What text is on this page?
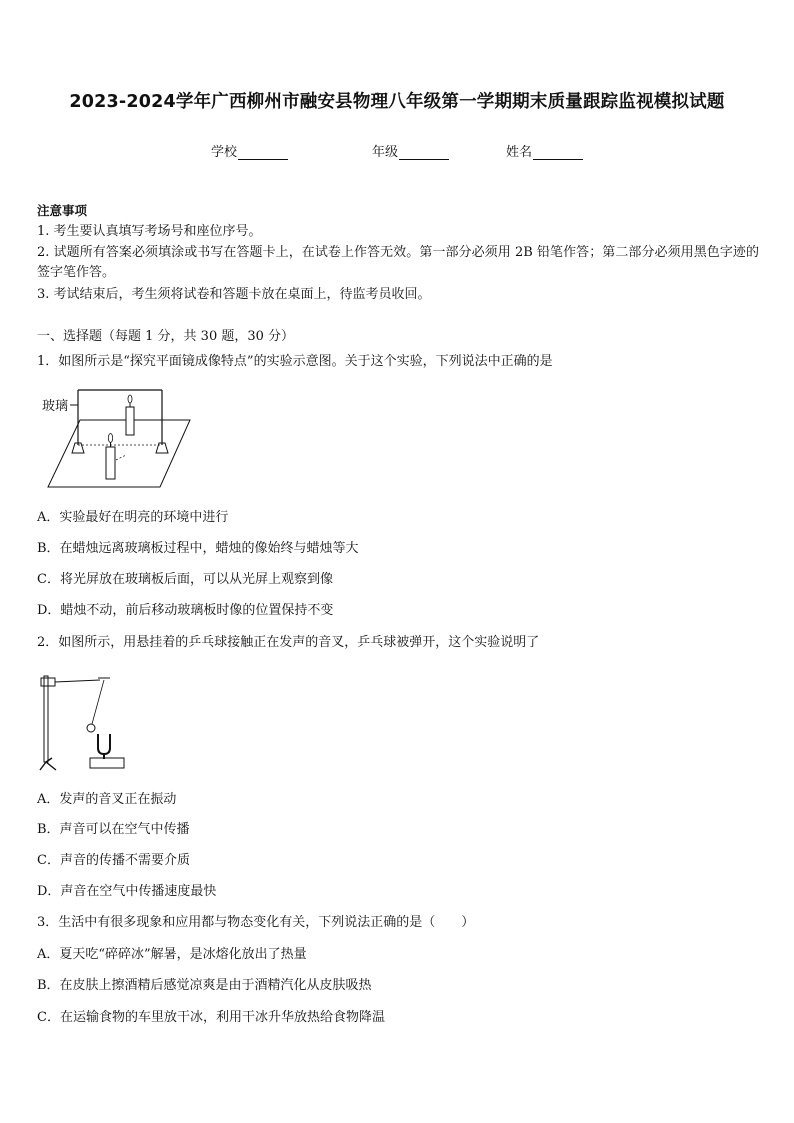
2023-2024学年广西柳州市融安县物理八年级第一学期期末质量跟踪监视模拟试题
学校	年级	姓名
注意事项
1. 考生要认真填写考场号和座位序号。
2. 试题所有答案必须填涂或书写在答题卡上，在试卷上作答无效。第一部分必须用 2B 铅笔作答；第二部分必须用黑色字迹的签字笔作答。
3. 考试结束后，考生须将试卷和答题卡放在桌面上，待监考员收回。
一、选择题（每题 1 分，共 30 题，30 分）
1．如图所示是“探究平面镜成像特点”的实验示意图。关于这个实验，下列说法中正确的是
玻璃
A．实验最好在明亮的环境中进行
B．在蜡烛远离玻璃板过程中，蜡烛的像始终与蜡烛等大
C．将光屏放在玻璃板后面，可以从光屏上观察到像
D．蜡烛不动，前后移动玻璃板时像的位置保持不变
2．如图所示，用悬挂着的乒乓球接触正在发声的音叉，乒乓球被弹开，这个实验说明了
A．发声的音叉正在振动
B．声音可以在空气中传播
C．声音的传播不需要介质
D．声音在空气中传播速度最快
3．生活中有很多现象和应用都与物态变化有关，下列说法正确的是（　　）
A．夏天吃“碎碎冰”解暑，是冰熔化放出了热量
B．在皮肤上擦酒精后感觉凉爽是由于酒精汽化从皮肤吸热
C．在运输食物的车里放干冰，利用干冰升华放热给食物降温
